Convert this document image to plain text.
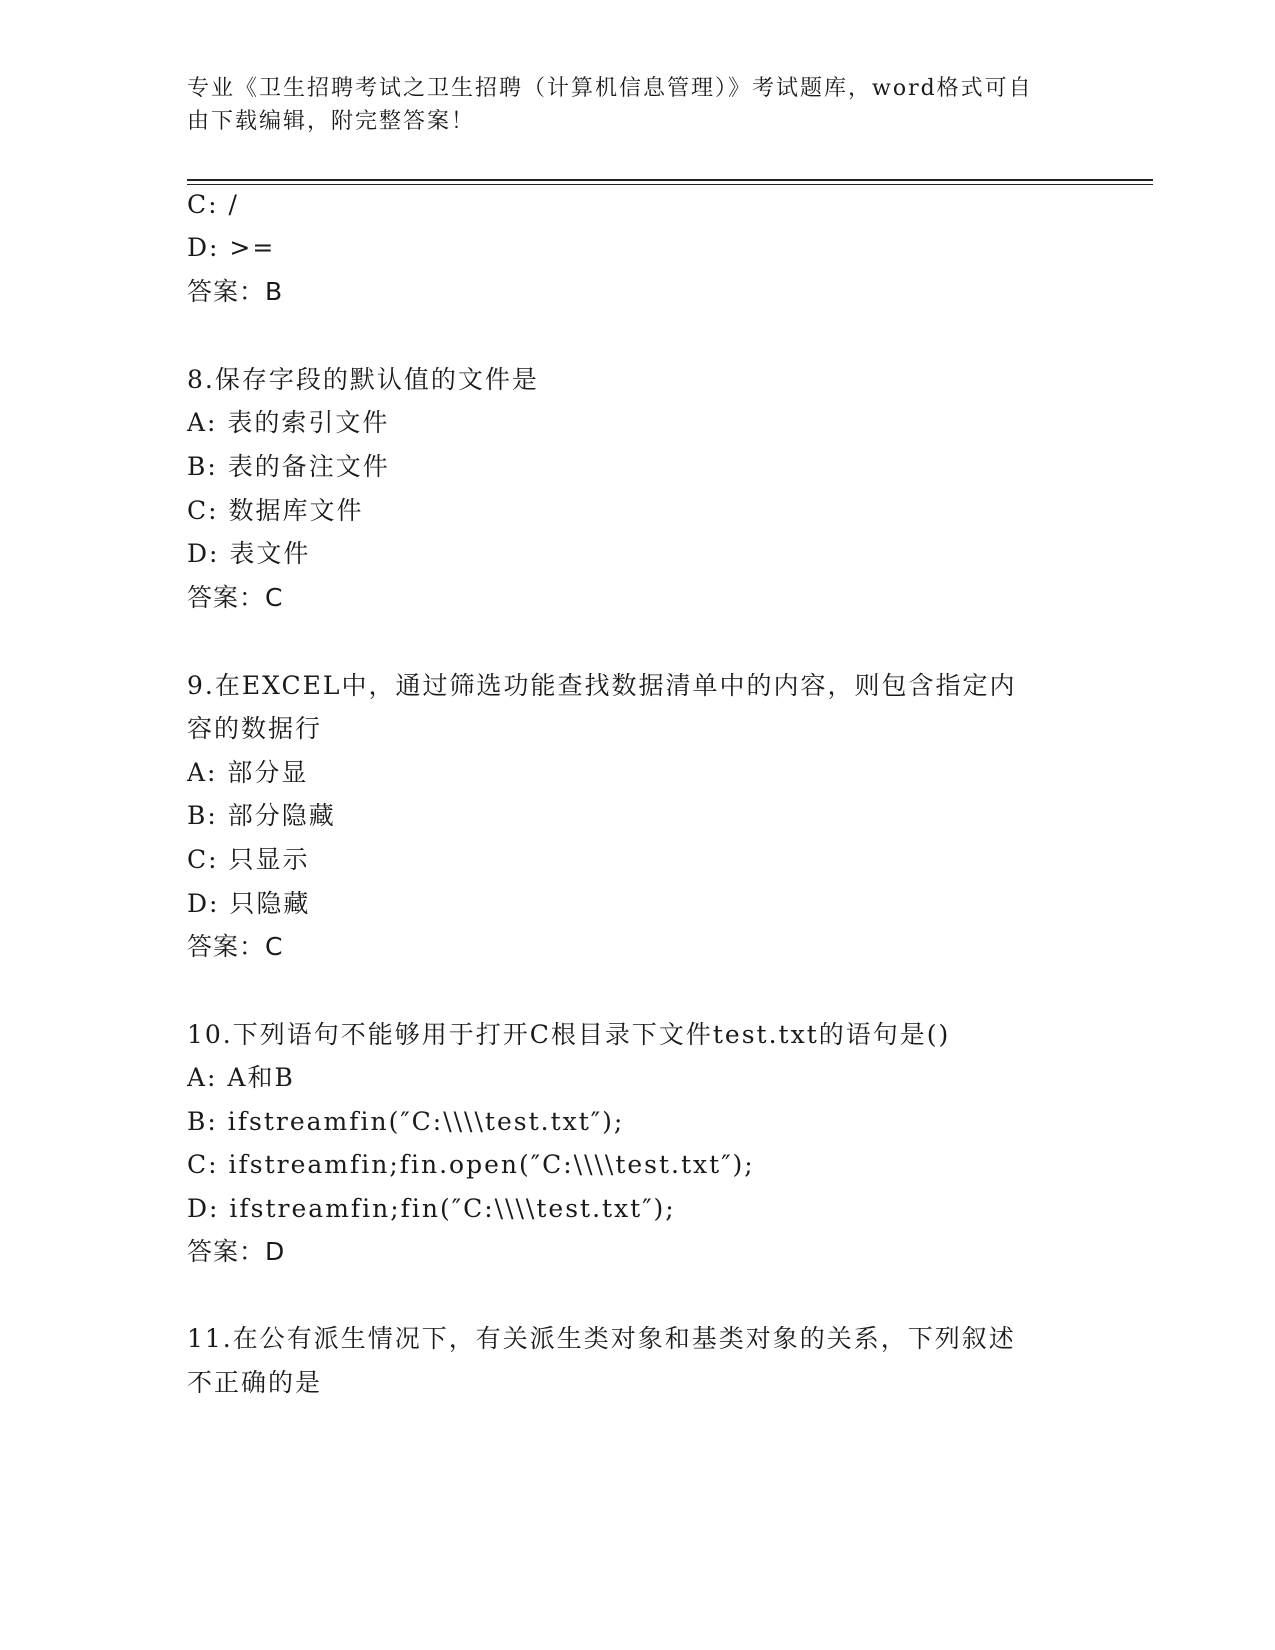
专业《卫生招聘考试之卫生招聘（计算机信息管理）》考试题库，word格式可自
由下载编辑，附完整答案！
C: /
D: >=
答案：B
8.保存字段的默认值的文件是
A: 表的索引文件
B: 表的备注文件
C: 数据库文件
D: 表文件
答案：C
9.在EXCEL中，通过筛选功能查找数据清单中的内容，则包含指定内
容的数据行
A: 部分显
B: 部分隐藏
C: 只显示
D: 只隐藏
答案：C
10.下列语句不能够用于打开C根目录下文件test.txt的语句是()
A: A和B
B: ifstreamfin(″C:\\\\test.txt″);
C: ifstreamfin;fin.open(″C:\\\\test.txt″);
D: ifstreamfin;fin(″C:\\\\test.txt″);
答案：D
11.在公有派生情况下，有关派生类对象和基类对象的关系，下列叙述
不正确的是
